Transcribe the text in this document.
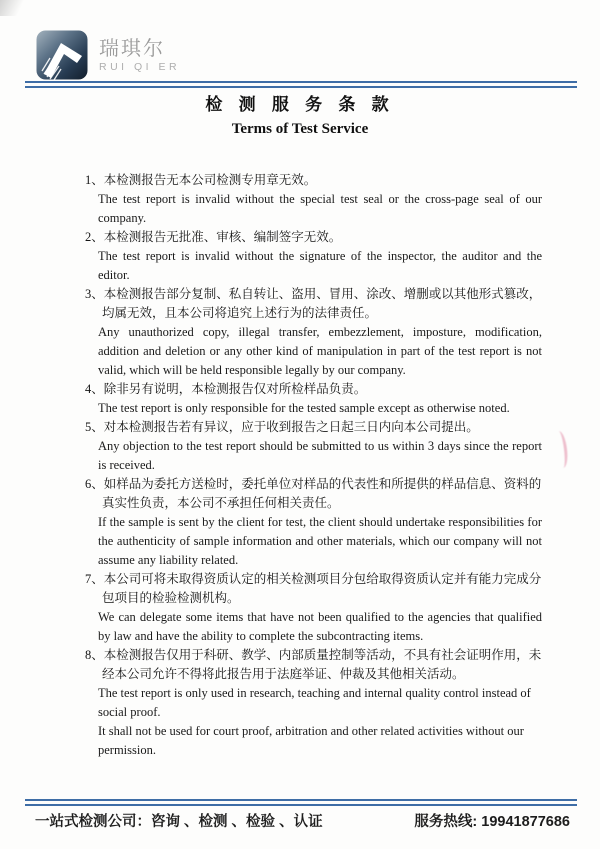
瑞琪尔
RUI QI ER
检 测 服 务 条 款
Terms of Test Service

1、本检测报告无本公司检测专用章无效。

The test report is invalid without the special test seal or the cross-page seal of our company.

2、本检测报告无批准、审核、编制签字无效。

The test report is invalid without the signature of the inspector, the auditor and the editor.

3、本检测报告部分复制、私自转让、盗用、冒用、涂改、增删或以其他形式篡改，均属无效，且本公司将追究上述行为的法律责任。

Any unauthorized copy, illegal transfer, embezzlement, imposture, modification, addition and deletion or any other kind of manipulation in part of the test report is not valid, which will be held responsible legally by our company.

4、除非另有说明，本检测报告仅对所检样品负责。

The test report is only responsible for the tested sample except as otherwise noted.

5、对本检测报告若有异议，应于收到报告之日起三日内向本公司提出。

Any objection to the test report should be submitted to us within 3 days since the report is received.

6、如样品为委托方送检时，委托单位对样品的代表性和所提供的样品信息、资料的真实性负责，本公司不承担任何相关责任。

If the sample is sent by the client for test, the client should undertake responsibilities for the authenticity of sample information and other materials, which our company will not assume any liability related.

7、本公司可将未取得资质认定的相关检测项目分包给取得资质认定并有能力完成分包项目的检验检测机构。

We can delegate some items that have not been qualified to the agencies that qualified by law and have the ability to complete the subcontracting items.

8、本检测报告仅用于科研、教学、内部质量控制等活动，不具有社会证明作用，未经本公司允许不得将此报告用于法庭举证、仲裁及其他相关活动。

The test report is only used in research, teaching and internal quality control instead of social proof.

It shall not be used for court proof, arbitration and other related activities without our permission.

一站式检测公司：咨询 、检测 、检验 、认证	服务热线: 19941877686
